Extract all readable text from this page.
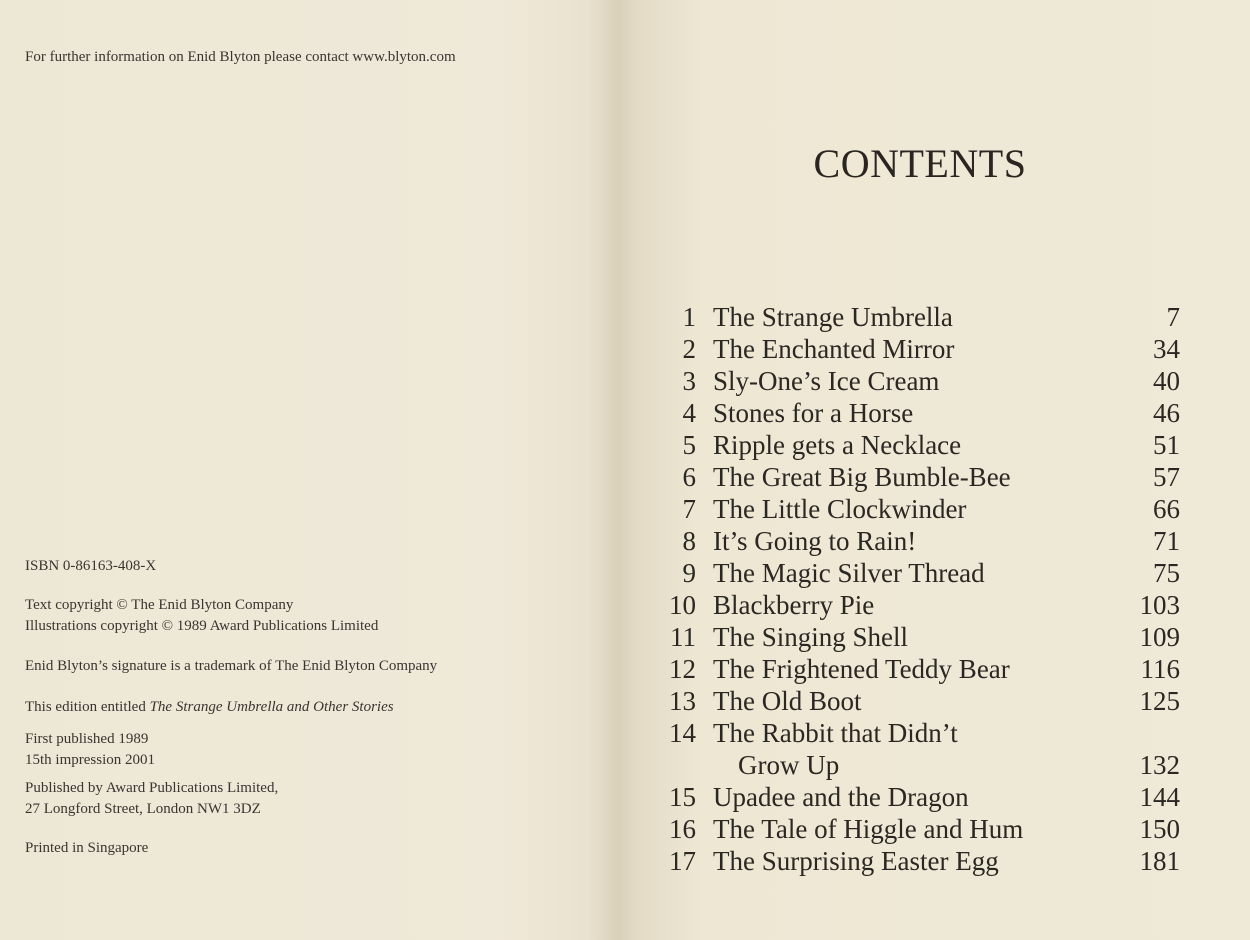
For further information on Enid Blyton please contact www.blyton.com
ISBN 0-86163-408-X
Text copyright © The Enid Blyton Company
Illustrations copyright © 1989 Award Publications Limited
Enid Blyton’s signature is a trademark of The Enid Blyton Company
This edition entitled The Strange Umbrella and Other Stories
First published 1989
15th impression 2001
Published by Award Publications Limited,
27 Longford Street, London NW1 3DZ
Printed in Singapore
CONTENTS
1 The Strange Umbrella	7
2 The Enchanted Mirror	34
3 Sly-One’s Ice Cream	40
4 Stones for a Horse	46
5 Ripple gets a Necklace	51
6 The Great Big Bumble-Bee	57
7 The Little Clockwinder	66
8 It’s Going to Rain!	71
9 The Magic Silver Thread	75
10 Blackberry Pie	103
11 The Singing Shell	109
12 The Frightened Teddy Bear	116
13 The Old Boot	125
14 The Rabbit that Didn’t
Grow Up	132
15 Upadee and the Dragon	144
16 The Tale of Higgle and Hum	150
17 The Surprising Easter Egg	181
